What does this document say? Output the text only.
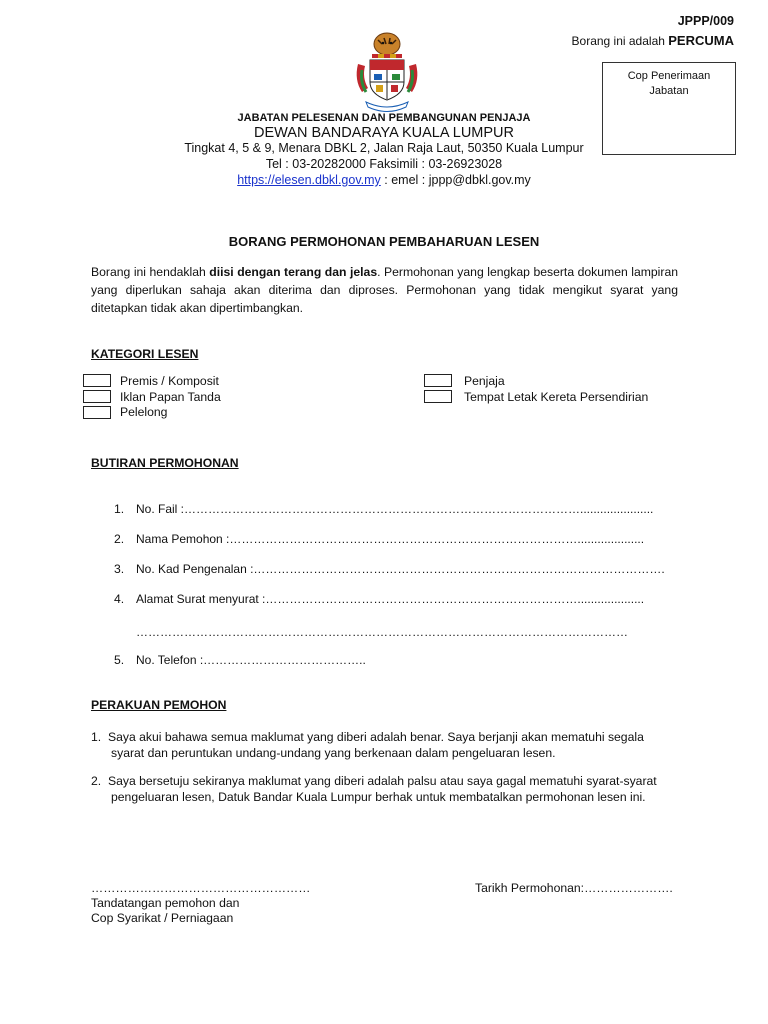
JPPP/009
Borang ini adalah PERCUMA
Cop Penerimaan
Jabatan
JABATAN PELESENAN DAN PEMBANGUNAN PENJAJA
DEWAN BANDARAYA KUALA LUMPUR
Tingkat 4, 5 & 9, Menara DBKL 2, Jalan Raja Laut, 50350 Kuala Lumpur
Tel : 03-20282000 Faksimili : 03-26923028
https://elesen.dbkl.gov.my : emel : jppp@dbkl.gov.my
BORANG PERMOHONAN PEMBAHARUAN LESEN
Borang ini hendaklah diisi dengan terang dan jelas. Permohonan yang lengkap beserta dokumen lampiran yang diperlukan sahaja akan diterima dan diproses. Permohonan yang tidak mengikut syarat yang ditetapkan tidak akan dipertimbangkan.
KATEGORI LESEN
Premis / Komposit
Iklan Papan Tanda
Pelelong
Penjaja
Tempat Letak Kereta Persendirian
BUTIRAN PERMOHONAN
1. No. Fail :………………………………………………………………………………………......................
2. Nama Pemohon :……………………………………………………………………………....................
3. No. Kad Pengenalan :………………………………………………………………………………………….
4. Alamat Surat menyurat :……………………………………………………………………....................
……………………………………………………………………………………………………………
5. No. Telefon :…………………………………..
PERAKUAN PEMOHON
1. Saya akui bahawa semua maklumat yang diberi adalah benar. Saya berjanji akan mematuhi segala
syarat dan peruntukan undang-undang yang berkenaan dalam pengeluaran lesen.
2. Saya bersetuju sekiranya maklumat yang diberi adalah palsu atau saya gagal mematuhi syarat-syarat
pengeluaran lesen, Datuk Bandar Kuala Lumpur berhak untuk membatalkan permohonan lesen ini.
………………………………………………
Tandatangan pemohon dan
Cop Syarikat / Perniagaan
Tarikh Permohonan:………………….
